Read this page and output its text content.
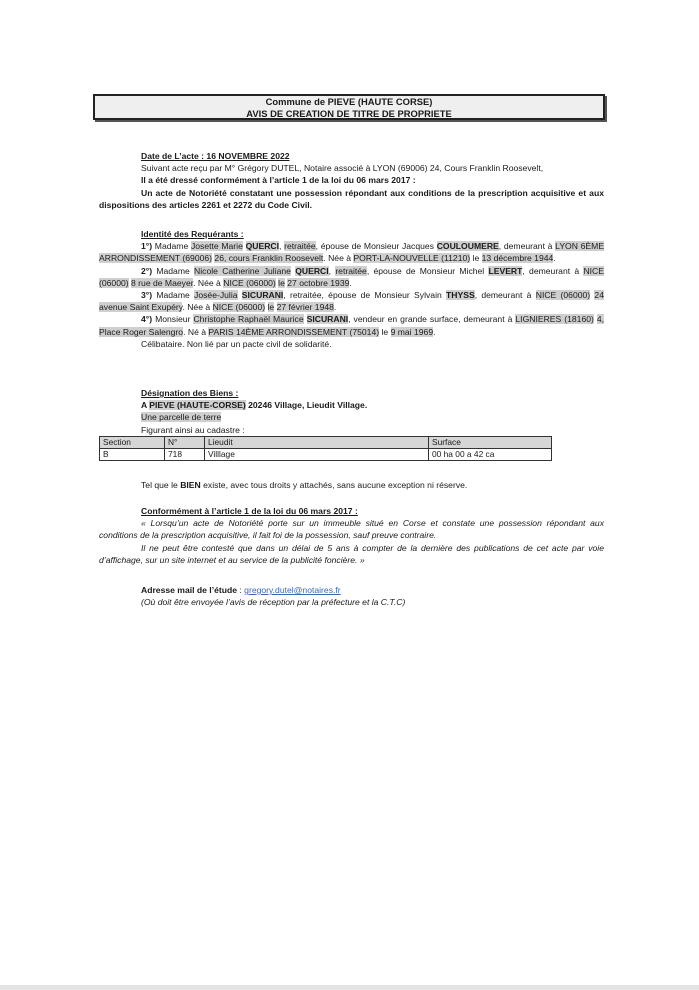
Commune de PIEVE (HAUTE CORSE)
AVIS DE CREATION DE TITRE DE PROPRIETE
Date de L’acte : 16 NOVEMBRE 2022
Suivant acte reçu par M° Grégory DUTEL, Notaire associé à LYON (69006) 24, Cours Franklin Roosevelt,
Il a été dressé conformément à l’article 1 de la loi du 06 mars 2017 :
Un acte de Notoriété constatant une possession répondant aux conditions de la prescription acquisitive et aux dispositions des articles 2261 et 2272 du Code Civil.
Identité des Requérants :
1°) Madame Josette Marie QUERCI, retraitée, épouse de Monsieur Jacques COULOUMERE, demeurant à LYON 6ÈME ARRONDISSEMENT (69006) 26, cours Franklin Roosevelt. Née à PORT-LA-NOUVELLE (11210) le 13 décembre 1944.
2°) Madame Nicole Catherine Juliane QUERCI, retraitée, épouse de Monsieur Michel LEVERT, demeurant à NICE (06000) 8 rue de Maeyer. Née à NICE (06000) le 27 octobre 1939.
3°) Madame Josée-Julia SICURANI, retraitée, épouse de Monsieur Sylvain THYSS, demeurant à NICE (06000) 24 avenue Saint Exupéry. Née à NICE (06000) le 27 février 1948.
4°) Monsieur Christophe Raphaël Maurice SICURANI, vendeur en grande surface, demeurant à LIGNIERES (18160) 4, Place Roger Salengro. Né à PARIS 14ÈME ARRONDISSEMENT (75014) le 9 mai 1969.
Célibataire. Non lié par un pacte civil de solidarité.
Désignation des Biens :
A PIEVE (HAUTE-CORSE) 20246 Village, Lieudit Village.
Une parcelle de terre
Figurant ainsi au cadastre :
Section	N°	Lieudit	Surface
B	718	Villlage	00 ha 00 a 42 ca
Tel que le BIEN existe, avec tous droits y attachés, sans aucune exception ni réserve.
Conformément à l’article 1 de la loi du 06 mars 2017 :
« Lorsqu’un acte de Notoriété porte sur un immeuble situé en Corse et constate une possession répondant aux conditions de la prescription acquisitive, il fait foi de la possession, sauf preuve contraire.
Il ne peut être contesté que dans un délai de 5 ans à compter de la dernière des publications de cet acte par voie d’affichage, sur un site internet et au service de la publicité foncière. »
Adresse mail de l’étude : gregory.dutel@notaires.fr
(Où doit être envoyée l’avis de réception par la préfecture et la C.T.C)
